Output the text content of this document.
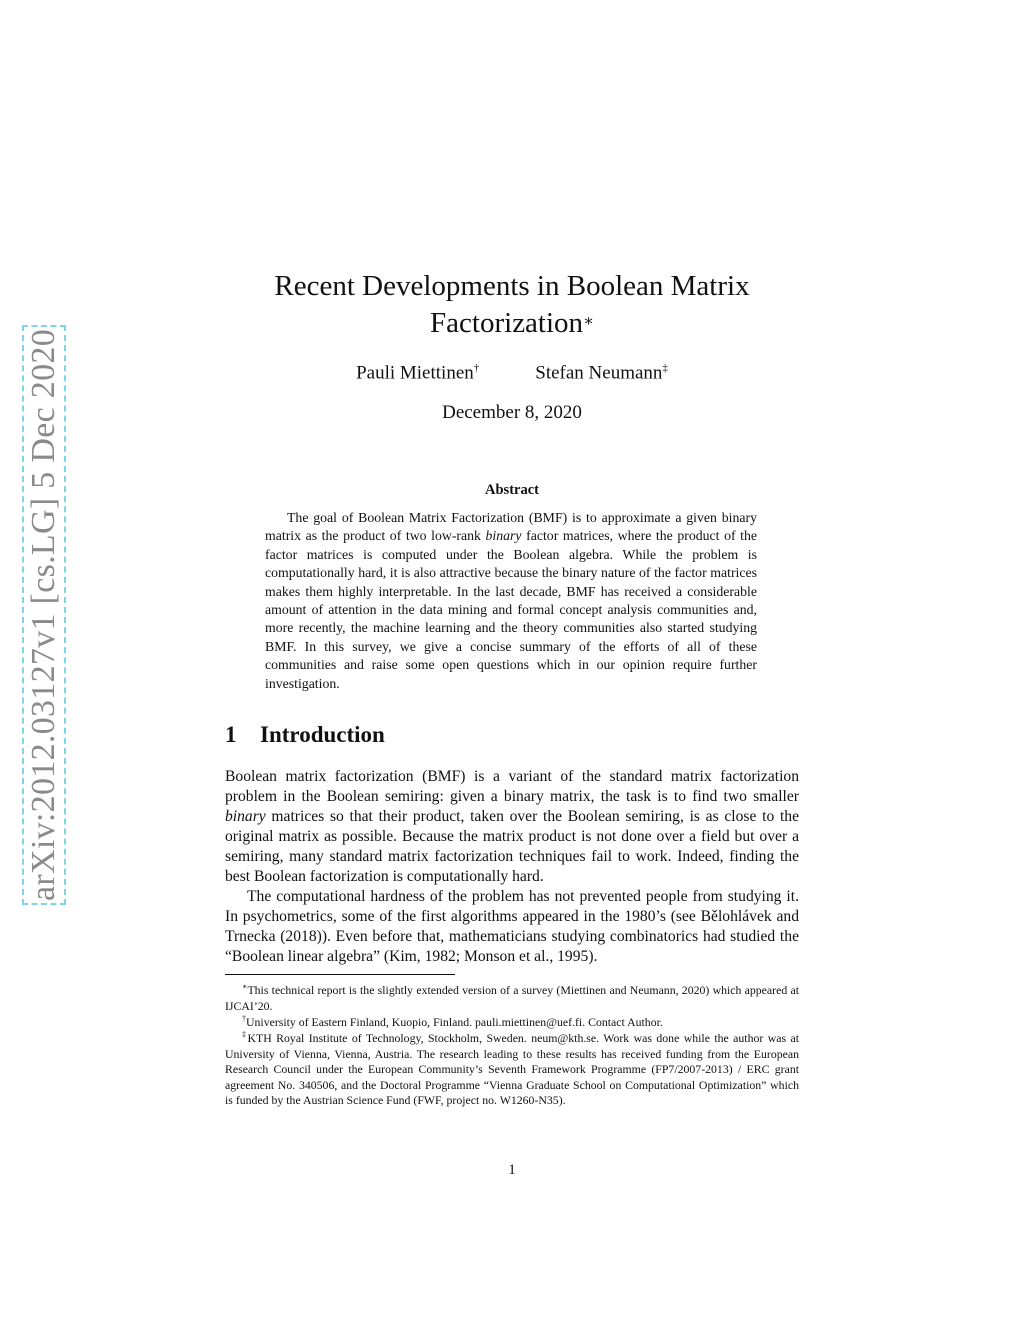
arXiv:2012.03127v1 [cs.LG] 5 Dec 2020
Recent Developments in Boolean Matrix
Factorization∗
Pauli Miettinen†	Stefan Neumann‡
December 8, 2020
Abstract
The goal of Boolean Matrix Factorization (BMF) is to approximate a given binary matrix as the product of two low-rank binary factor matrices, where the product of the factor matrices is computed under the Boolean algebra. While the problem is computationally hard, it is also attractive because the binary nature of the factor matrices makes them highly interpretable. In the last decade, BMF has received a considerable amount of attention in the data mining and formal concept analysis communities and, more recently, the machine learning and the theory communities also started studying BMF. In this survey, we give a concise summary of the efforts of all of these communities and raise some open questions which in our opinion require further investigation.
1 Introduction
Boolean matrix factorization (BMF) is a variant of the standard matrix factorization problem in the Boolean semiring: given a binary matrix, the task is to find two smaller binary matrices so that their product, taken over the Boolean semiring, is as close to the original matrix as possible. Because the matrix product is not done over a field but over a semiring, many standard matrix factorization techniques fail to work. Indeed, finding the best Boolean factorization is computationally hard.
The computational hardness of the problem has not prevented people from studying it. In psychometrics, some of the first algorithms appeared in the 1980’s (see Bělohlávek and Trnecka (2018)). Even before that, mathematicians studying combinatorics had studied the “Boolean linear algebra” (Kim, 1982; Monson et al., 1995).
∗This technical report is the slightly extended version of a survey (Miettinen and Neumann, 2020) which appeared at IJCAI’20.
†University of Eastern Finland, Kuopio, Finland. pauli.miettinen@uef.fi. Contact Author.
‡KTH Royal Institute of Technology, Stockholm, Sweden. neum@kth.se. Work was done while the author was at University of Vienna, Vienna, Austria. The research leading to these results has received funding from the European Research Council under the European Community’s Seventh Framework Programme (FP7/2007-2013) / ERC grant agreement No. 340506, and the Doctoral Programme “Vienna Graduate School on Computational Optimization” which is funded by the Austrian Science Fund (FWF, project no. W1260-N35).
1
